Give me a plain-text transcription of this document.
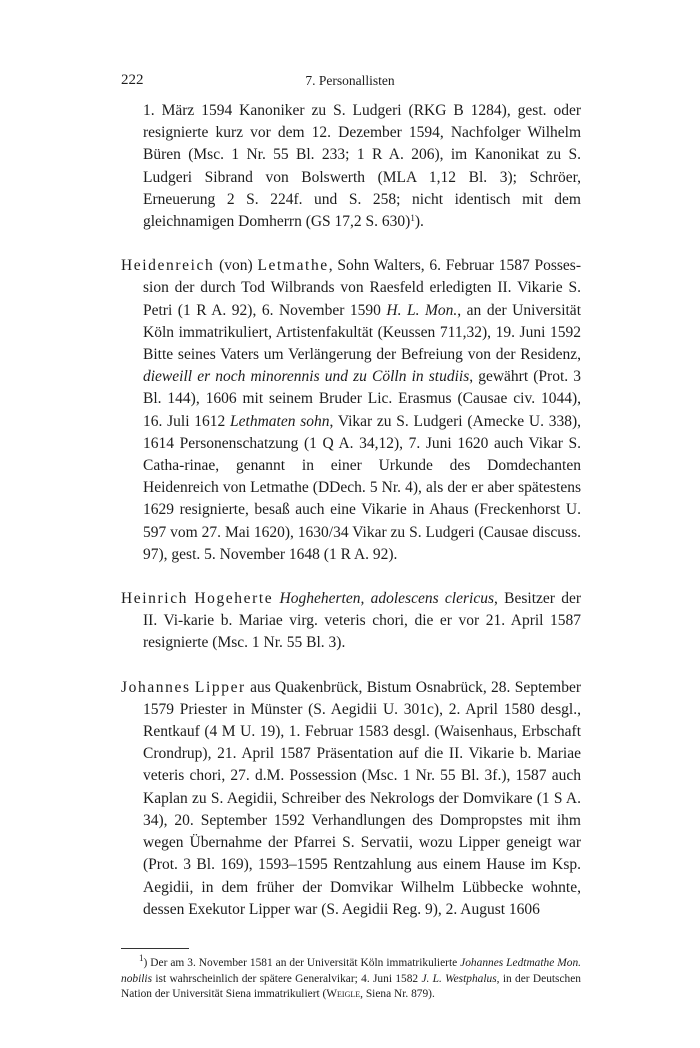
222	7. Personallisten

1. März 1594 Kanoniker zu S. Ludgeri (RKG B 1284), gest. oder resignierte kurz vor dem 12. Dezember 1594, Nachfolger Wilhelm Büren (Msc. 1 Nr. 55 Bl. 233; 1 R A. 206), im Kanonikat zu S. Ludgeri Sibrand von Bolswerth (MLA 1,12 Bl. 3); Schröer, Erneuerung 2 S. 224f. und S. 258; nicht identisch mit dem gleichnamigen Domherrn (GS 17,2 S. 630)$^1$).

Heidenreich (von) Letmathe, Sohn Walters, 6. Februar 1587 Posses-sion der durch Tod Wilbrands von Raesfeld erledigten II. Vikarie S. Petri (1 R A. 92), 6. November 1590 H. L. Mon., an der Universität Köln immatrikuliert, Artistenfakultät (Keussen 711,32), 19. Juni 1592 Bitte seines Vaters um Verlängerung der Befreiung von der Residenz, dieweill er noch minorennis und zu Cölln in studiis, gewährt (Prot. 3 Bl. 144), 1606 mit seinem Bruder Lic. Erasmus (Causae civ. 1044), 16. Juli 1612 Lethmaten sohn, Vikar zu S. Ludgeri (Amecke U. 338), 1614 Personenschatzung (1 Q A. 34,12), 7. Juni 1620 auch Vikar S. Catha-rinae, genannt in einer Urkunde des Domdechanten Heidenreich von Letmathe (DDech. 5 Nr. 4), als der er aber spätestens 1629 resignierte, besaß auch eine Vikarie in Ahaus (Freckenhorst U. 597 vom 27. Mai 1620), 1630/34 Vikar zu S. Ludgeri (Causae discuss. 97), gest. 5. November 1648 (1 R A. 92).

Heinrich Hogeherte Hogheherten, adolescens clericus, Besitzer der II. Vi-karie b. Mariae virg. veteris chori, die er vor 21. April 1587 resignierte (Msc. 1 Nr. 55 Bl. 3).

Johannes Lipper aus Quakenbrück, Bistum Osnabrück, 28. September 1579 Priester in Münster (S. Aegidii U. 301c), 2. April 1580 desgl., Rentkauf (4 M U. 19), 1. Februar 1583 desgl. (Waisenhaus, Erbschaft Crondrup), 21. April 1587 Präsentation auf die II. Vikarie b. Mariae veteris chori, 27. d.M. Possession (Msc. 1 Nr. 55 Bl. 3f.), 1587 auch Kaplan zu S. Aegidii, Schreiber des Nekrologs der Domvikare (1 S A. 34), 20. September 1592 Verhandlungen des Dompropstes mit ihm wegen Übernahme der Pfarrei S. Servatii, wozu Lipper geneigt war (Prot. 3 Bl. 169), 1593–1595 Rentzahlung aus einem Hause im Ksp. Aegidii, in dem früher der Domvikar Wilhelm Lübbecke wohnte, dessen Exekutor Lipper war (S. Aegidii Reg. 9), 2. August 1606

$^1$) Der am 3. November 1581 an der Universität Köln immatrikulierte Johannes Ledtmathe Mon. nobilis ist wahrscheinlich der spätere Generalvikar; 4. Juni 1582 J. L. Westphalus, in der Deutschen Nation der Universität Siena immatrikuliert (Weigle, Siena Nr. 879).
